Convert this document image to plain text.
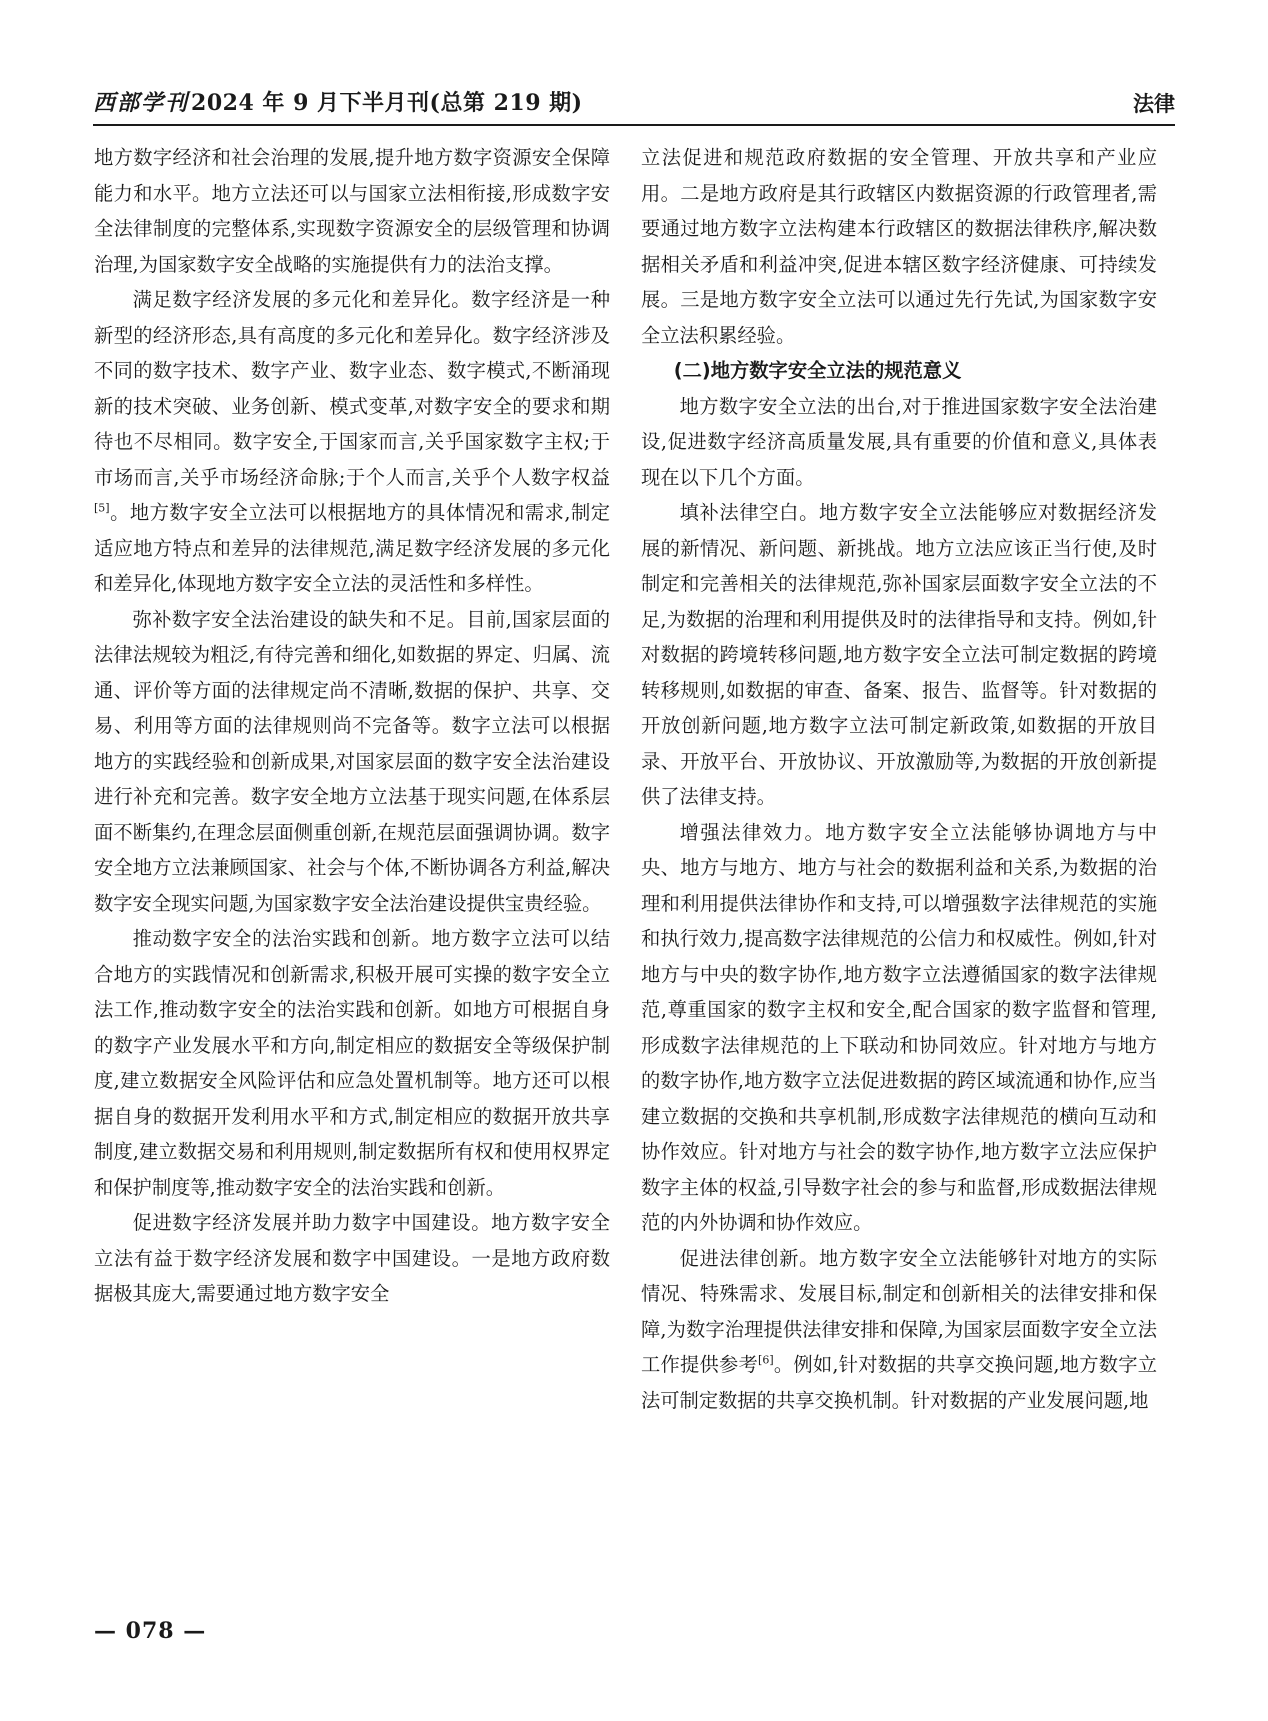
西部学刊2024 年 9 月下半月刊(总第 219 期)	法律

地方数字经济和社会治理的发展,提升地方数字资源安全保障能力和水平。地方立法还可以与国家立法相衔接,形成数字安全法律制度的完整体系,实现数字资源安全的层级管理和协调治理,为国家数字安全战略的实施提供有力的法治支撑。

满足数字经济发展的多元化和差异化。数字经济是一种新型的经济形态,具有高度的多元化和差异化。数字经济涉及不同的数字技术、数字产业、数字业态、数字模式,不断涌现新的技术突破、业务创新、模式变革,对数字安全的要求和期待也不尽相同。数字安全,于国家而言,关乎国家数字主权;于市场而言,关乎市场经济命脉;于个人而言,关乎个人数字权益[5]。地方数字安全立法可以根据地方的具体情况和需求,制定适应地方特点和差异的法律规范,满足数字经济发展的多元化和差异化,体现地方数字安全立法的灵活性和多样性。

弥补数字安全法治建设的缺失和不足。目前,国家层面的法律法规较为粗泛,有待完善和细化,如数据的界定、归属、流通、评价等方面的法律规定尚不清晰,数据的保护、共享、交易、利用等方面的法律规则尚不完备等。数字立法可以根据地方的实践经验和创新成果,对国家层面的数字安全法治建设进行补充和完善。数字安全地方立法基于现实问题,在体系层面不断集约,在理念层面侧重创新,在规范层面强调协调。数字安全地方立法兼顾国家、社会与个体,不断协调各方利益,解决数字安全现实问题,为国家数字安全法治建设提供宝贵经验。

推动数字安全的法治实践和创新。地方数字立法可以结合地方的实践情况和创新需求,积极开展可实操的数字安全立法工作,推动数字安全的法治实践和创新。如地方可根据自身的数字产业发展水平和方向,制定相应的数据安全等级保护制度,建立数据安全风险评估和应急处置机制等。地方还可以根据自身的数据开发利用水平和方式,制定相应的数据开放共享制度,建立数据交易和利用规则,制定数据所有权和使用权界定和保护制度等,推动数字安全的法治实践和创新。

促进数字经济发展并助力数字中国建设。地方数字安全立法有益于数字经济发展和数字中国建设。一是地方政府数据极其庞大,需要通过地方数字安全

立法促进和规范政府数据的安全管理、开放共享和产业应用。二是地方政府是其行政辖区内数据资源的行政管理者,需要通过地方数字立法构建本行政辖区的数据法律秩序,解决数据相关矛盾和利益冲突,促进本辖区数字经济健康、可持续发展。三是地方数字安全立法可以通过先行先试,为国家数字安全立法积累经验。

(二)地方数字安全立法的规范意义

地方数字安全立法的出台,对于推进国家数字安全法治建设,促进数字经济高质量发展,具有重要的价值和意义,具体表现在以下几个方面。

填补法律空白。地方数字安全立法能够应对数据经济发展的新情况、新问题、新挑战。地方立法应该正当行使,及时制定和完善相关的法律规范,弥补国家层面数字安全立法的不足,为数据的治理和利用提供及时的法律指导和支持。例如,针对数据的跨境转移问题,地方数字安全立法可制定数据的跨境转移规则,如数据的审查、备案、报告、监督等。针对数据的开放创新问题,地方数字立法可制定新政策,如数据的开放目录、开放平台、开放协议、开放激励等,为数据的开放创新提供了法律支持。

增强法律效力。地方数字安全立法能够协调地方与中央、地方与地方、地方与社会的数据利益和关系,为数据的治理和利用提供法律协作和支持,可以增强数字法律规范的实施和执行效力,提高数字法律规范的公信力和权威性。例如,针对地方与中央的数字协作,地方数字立法遵循国家的数字法律规范,尊重国家的数字主权和安全,配合国家的数字监督和管理,形成数字法律规范的上下联动和协同效应。针对地方与地方的数字协作,地方数字立法促进数据的跨区域流通和协作,应当建立数据的交换和共享机制,形成数字法律规范的横向互动和协作效应。针对地方与社会的数字协作,地方数字立法应保护数字主体的权益,引导数字社会的参与和监督,形成数据法律规范的内外协调和协作效应。

促进法律创新。地方数字安全立法能够针对地方的实际情况、特殊需求、发展目标,制定和创新相关的法律安排和保障,为数字治理提供法律安排和保障,为国家层面数字安全立法工作提供参考[6]。例如,针对数据的共享交换问题,地方数字立法可制定数据的共享交换机制。针对数据的产业发展问题,地

— 078 —
